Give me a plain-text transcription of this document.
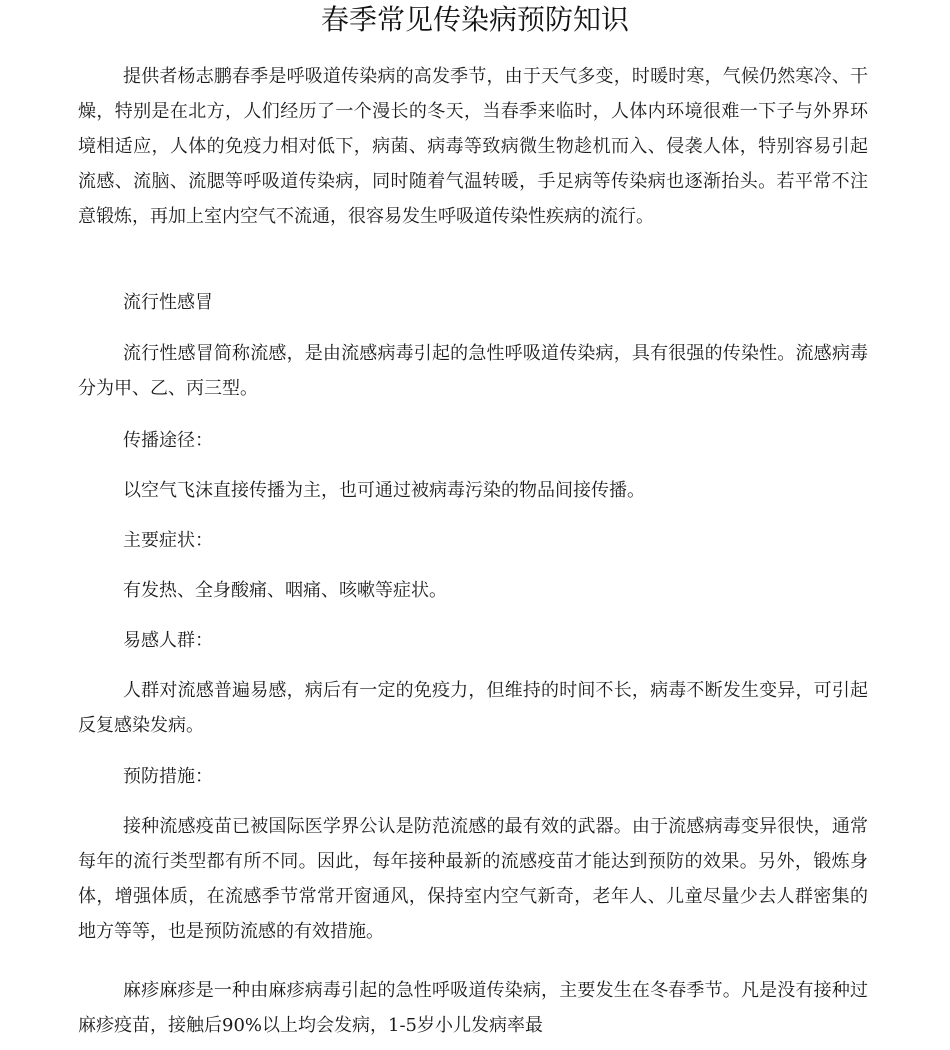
春季常见传染病预防知识

提供者杨志鹏春季是呼吸道传染病的高发季节，由于天气多变，时暖时寒，气候仍然寒冷、干燥，特别是在北方，人们经历了一个漫长的冬天，当春季来临时，人体内环境很难一下子与外界环境相适应，人体的免疫力相对低下，病菌、病毒等致病微生物趁机而入、侵袭人体，特别容易引起流感、流脑、流腮等呼吸道传染病，同时随着气温转暖，手足病等传染病也逐渐抬头。若平常不注意锻炼，再加上室内空气不流通，很容易发生呼吸道传染性疾病的流行。

流行性感冒

流行性感冒简称流感，是由流感病毒引起的急性呼吸道传染病，具有很强的传染性。流感病毒分为甲、乙、丙三型。

传播途径：

以空气飞沫直接传播为主，也可通过被病毒污染的物品间接传播。

主要症状：

有发热、全身酸痛、咽痛、咳嗽等症状。

易感人群：

人群对流感普遍易感，病后有一定的免疫力，但维持的时间不长，病毒不断发生变异，可引起反复感染发病。

预防措施：

接种流感疫苗已被国际医学界公认是防范流感的最有效的武器。由于流感病毒变异很快，通常每年的流行类型都有所不同。因此，每年接种最新的流感疫苗才能达到预防的效果。另外，锻炼身体，增强体质，在流感季节常常开窗通风，保持室内空气新奇，老年人、儿童尽量少去人群密集的地方等等，也是预防流感的有效措施。

麻疹麻疹是一种由麻疹病毒引起的急性呼吸道传染病，主要发生在冬春季节。凡是没有接种过麻疹疫苗，接触后90%以上均会发病，1-5岁小儿发病率最
